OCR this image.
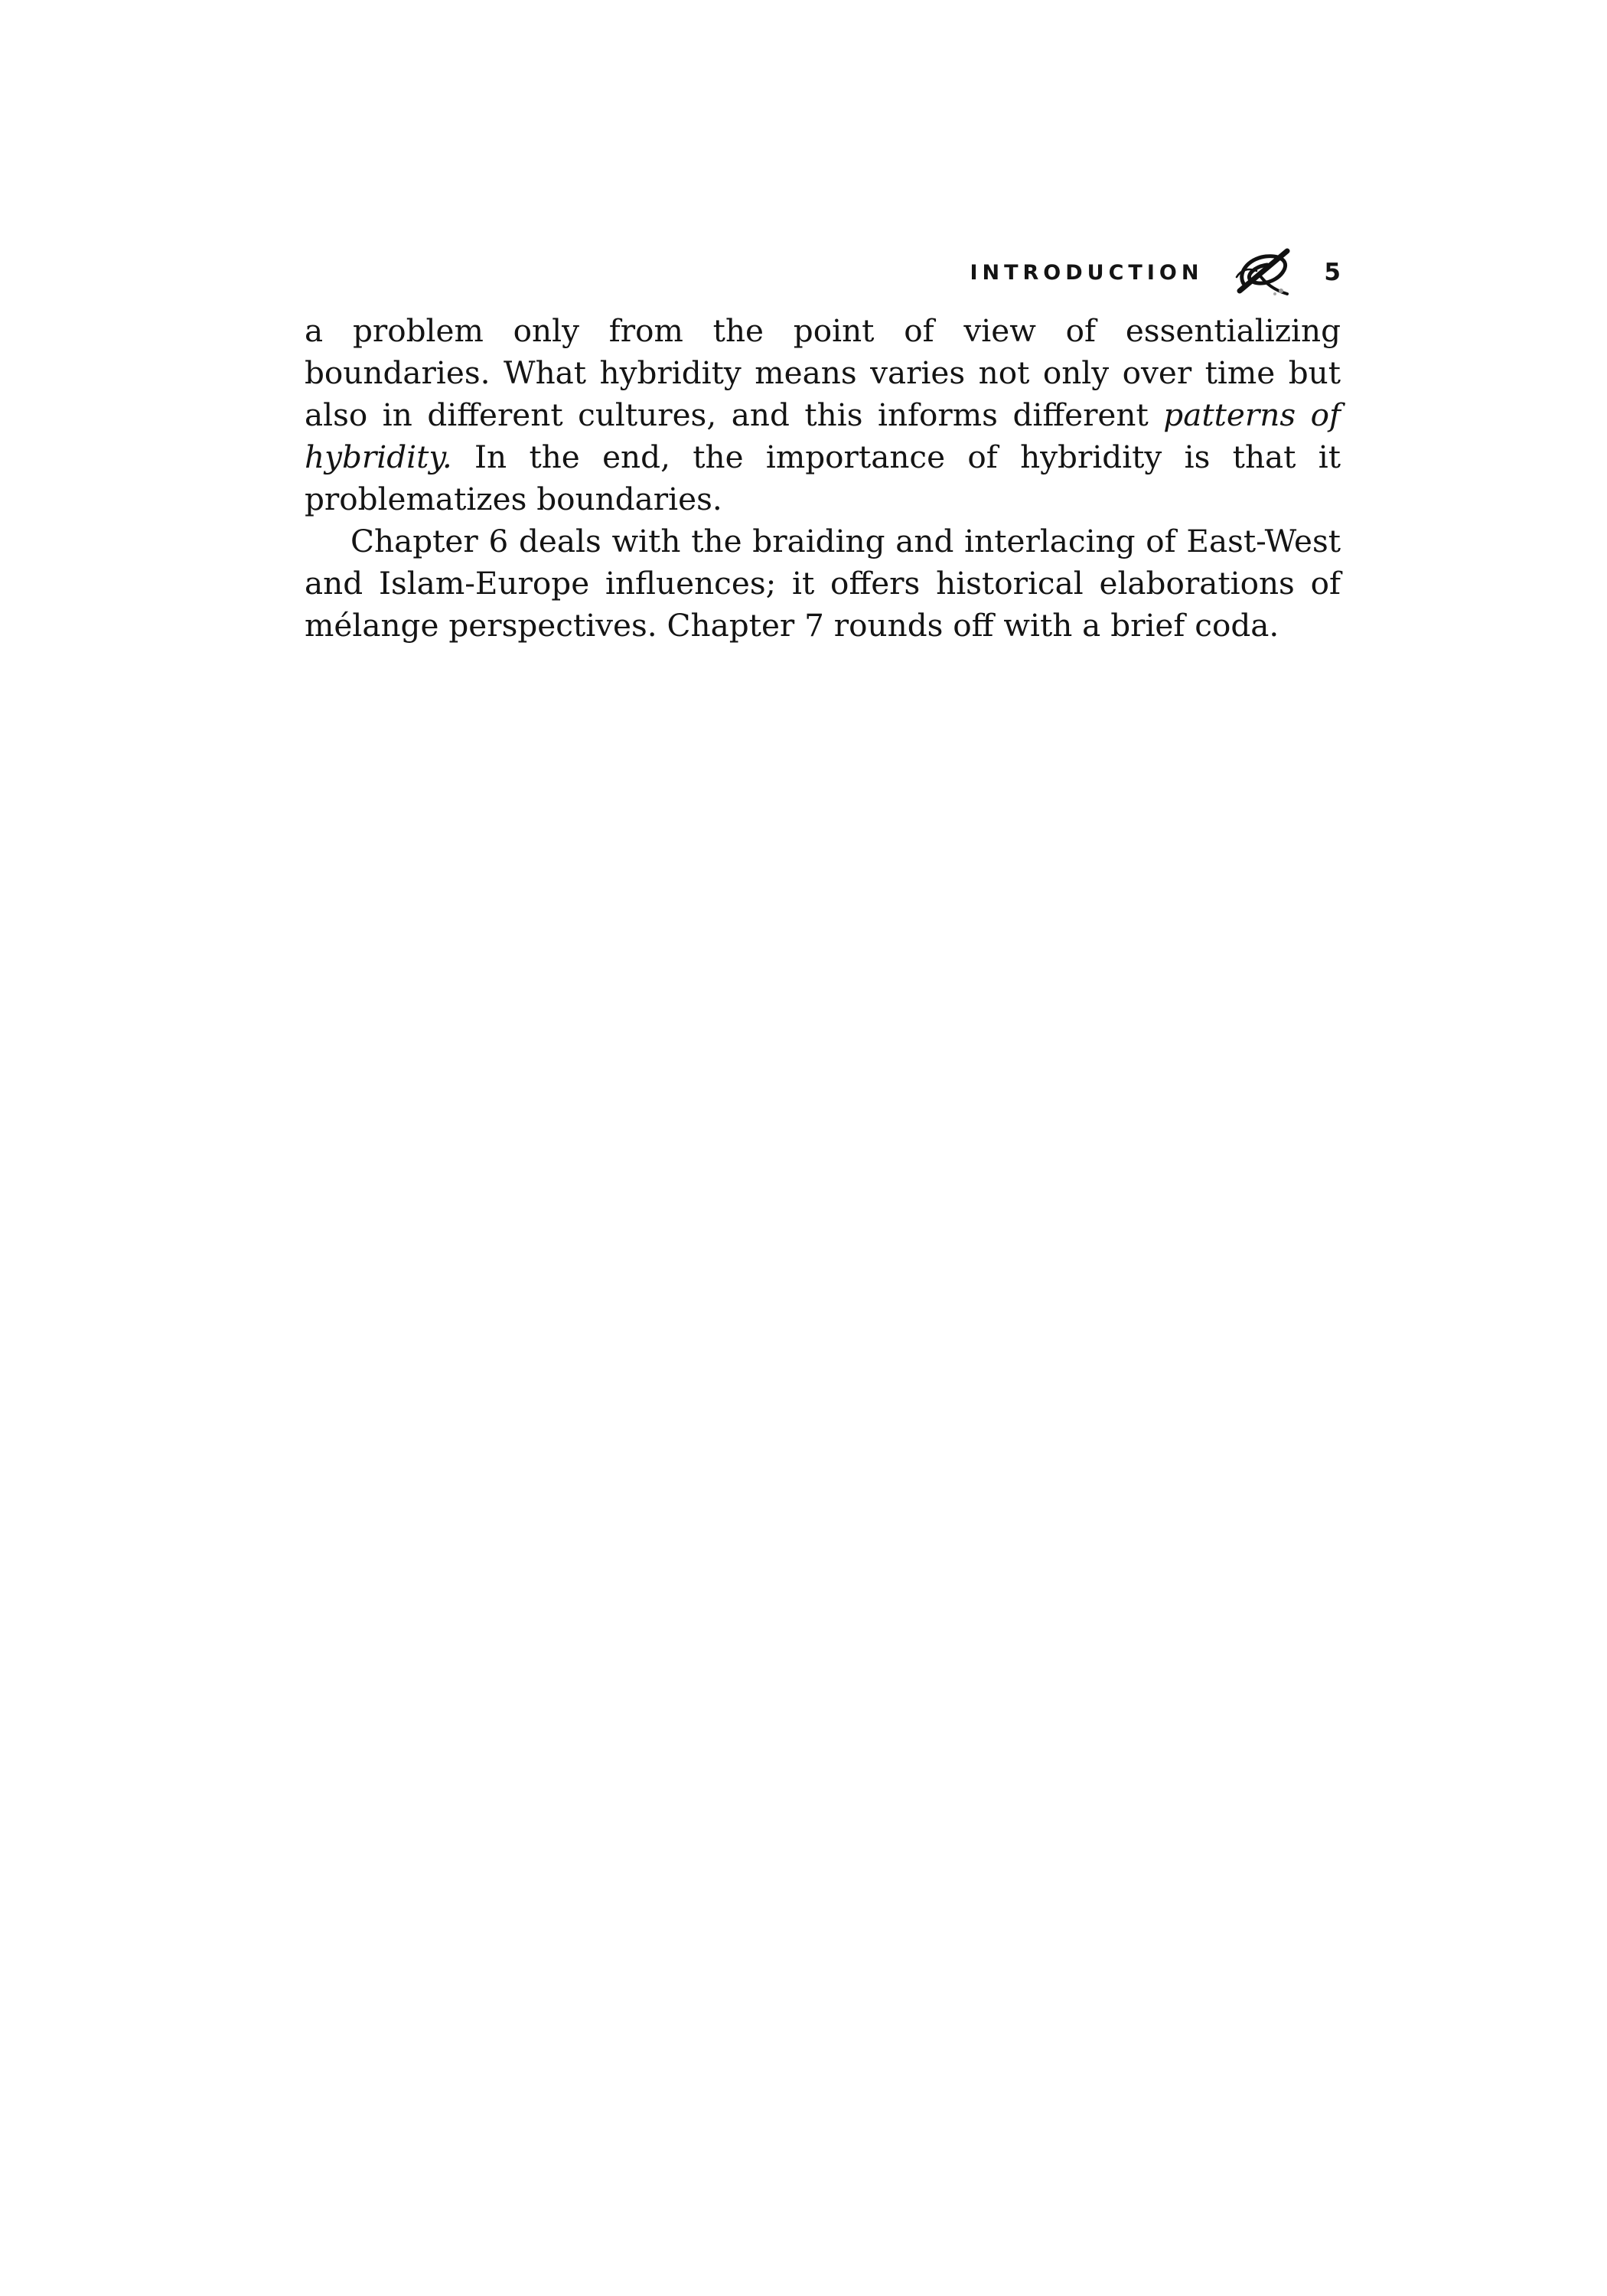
INTRODUCTION	5

a problem only from the point of view of essentializing boundaries. What hybridity means varies not only over time but also in different cultures, and this informs different patterns of hybridity. In the end, the importance of hybridity is that it problematizes boundaries.

Chapter 6 deals with the braiding and interlacing of East-West and Islam-Europe influences; it offers historical elaborations of mélange perspectives. Chapter 7 rounds off with a brief coda.
